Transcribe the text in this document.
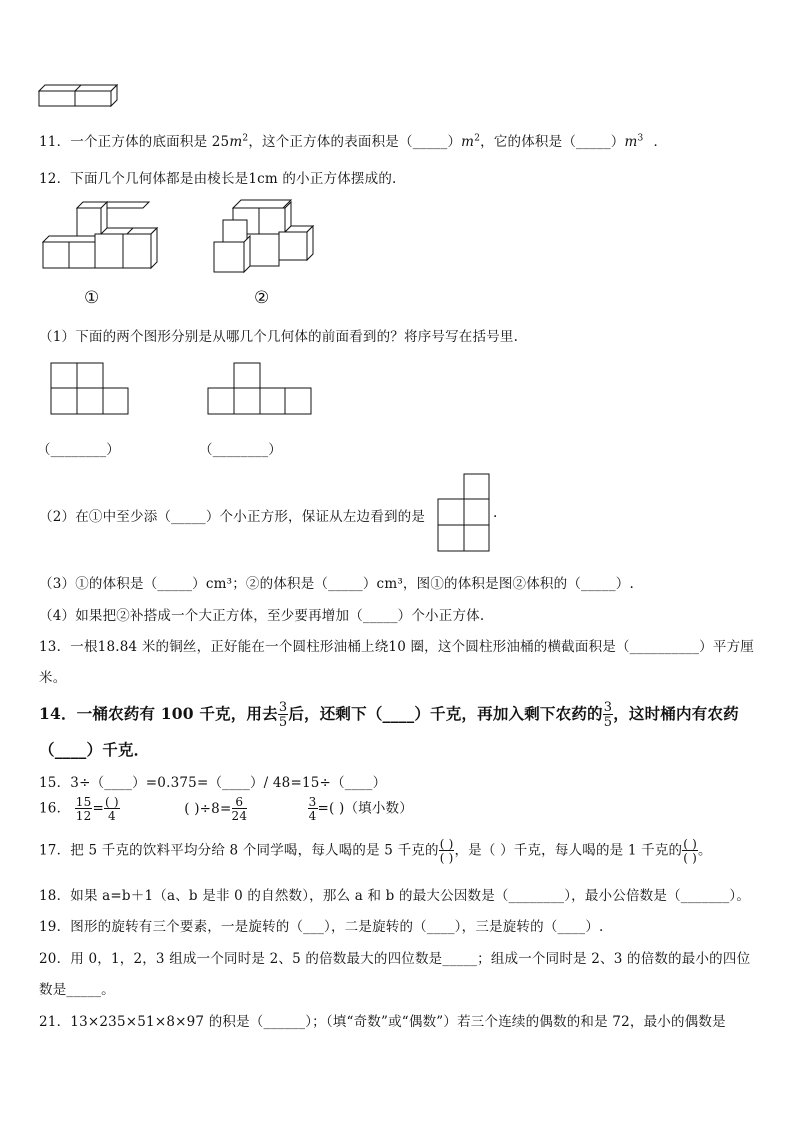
11．一个正方体的底面积是 $25m^2$，这个正方体的表面积是$(\_\_\_\_\_)m^2$，它的体积是$(\_\_\_\_\_)m^3$ ．
12．下面几个几何体都是由棱长是1cm 的小正方体摆成的.
①	②
（1）下面的两个图形分别是从哪几个几何体的前面看到的？将序号写在括号里.
（________）	（________）
（2）在①中至少添（_____）个小正方形，保证从左边看到的是	.
（3）①的体积是（_____）cm³；②的体积是（_____）cm³，图①的体积是图②体积的（_____）.
（4）如果把②补搭成一个大正方体，至少要再增加（_____）个小正方体.
13．一根18.84 米的铜丝，正好能在一个圆柱形油桶上绕10 圈，这个圆柱形油桶的横截面积是（__________）平方厘
米。
14．一桶农药有 100 千克，用去 $\frac{3}{5}$ 后，还剩下（____）千克，再加入剩下农药的 $\frac{3}{5}$ ，这时桶内有农药
（____）千克．
15．3÷（____）=0.375=（____）/ 48=15÷（____）
16． $\frac{15}{12} = \frac{( )}{4}$	( )$\div 8= \frac{6}{24}$
	$\frac{3}{4}$ =( )（填小数）
17．把 5 千克的饮料平均分给 8 个同学喝，每人喝的是 5 千克的 $\frac{( )}{( )}$ ，是（ ）千克，每人喝的是 1 千克的 $\frac{( )}{( )}$ 。
18．如果 a=b＋1（a、b 是非 0 的自然数），那么 a 和 b 的最大公因数是（________），最小公倍数是（_______）。
19．图形的旋转有三个要素，一是旋转的（___），二是旋转的（____），三是旋转的（____）.
20．用 0，1，2，3 组成一个同时是 2、5 的倍数最大的四位数是_____；组成一个同时是 2、3 的倍数的最小的四位
数是_____。
21．13×235×51×8×97 的积是（______）；（填“奇数”或“偶数”）若三个连续的偶数的和是 72，最小的偶数是
